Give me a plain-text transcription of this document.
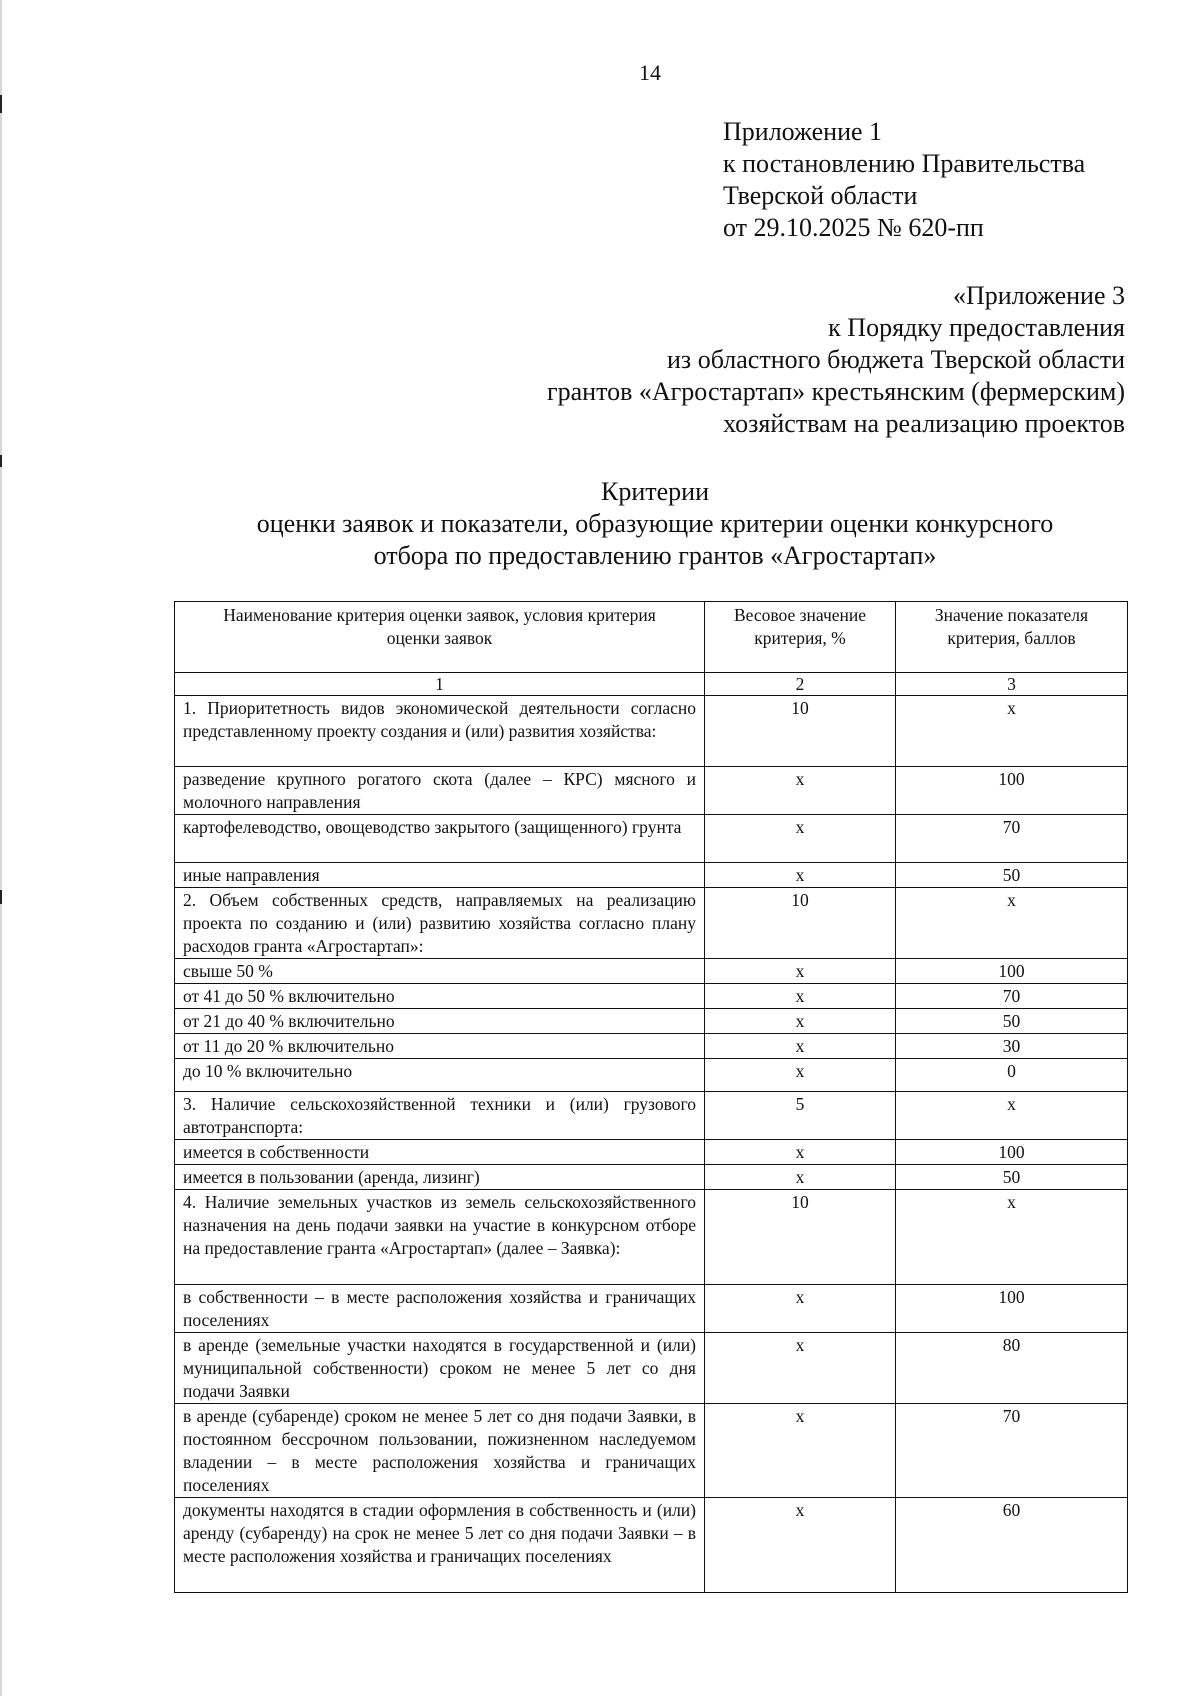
14
Приложение 1
к постановлению Правительства
Тверской области
от 29.10.2025 № 620-пп
«Приложение 3
к Порядку предоставления
из областного бюджета Тверской области
грантов «Агростартап» крестьянским (фермерским)
хозяйствам на реализацию проектов
Критерии
оценки заявок и показатели, образующие критерии оценки конкурсного
отбора по предоставлению грантов «Агростартап»
Наименование критерия оценки заявок, условия критерия оценки заявок	Весовое значение критерия, %	Значение показателя критерия, баллов
1	2	3
1. Приоритетность видов экономической деятельности согласно представленному проекту создания и (или) развития хозяйства:	10	х
разведение крупного рогатого скота (далее – КРС) мясного и молочного направления	х	100
картофелеводство, овощеводство закрытого (защищенного) грунта	х	70
иные направления	х	50
2. Объем собственных средств, направляемых на реализацию проекта по созданию и (или) развитию хозяйства согласно плану расходов гранта «Агростартап»:	10	х
свыше 50 %	х	100
от 41 до 50 % включительно	х	70
от 21 до 40 % включительно	х	50
от 11 до 20 % включительно	х	30
до 10 % включительно	х	0
3. Наличие сельскохозяйственной техники и (или) грузового автотранспорта:	5	х
имеется в собственности	х	100
имеется в пользовании (аренда, лизинг)	х	50
4. Наличие земельных участков из земель сельскохозяйственного назначения на день подачи заявки на участие в конкурсном отборе на предоставление гранта «Агростартап» (далее – Заявка):	10	х
в собственности – в месте расположения хозяйства и граничащих поселениях	х	100
в аренде (земельные участки находятся в государственной и (или) муниципальной собственности) сроком не менее 5 лет со дня подачи Заявки	х	80
в аренде (субаренде) сроком не менее 5 лет со дня подачи Заявки, в постоянном бессрочном пользовании, пожизненном наследуемом владении – в месте расположения хозяйства и граничащих поселениях	х	70
документы находятся в стадии оформления в собственность и (или) аренду (субаренду) на срок не менее 5 лет со дня подачи Заявки – в месте расположения хозяйства и граничащих поселениях	х	60
